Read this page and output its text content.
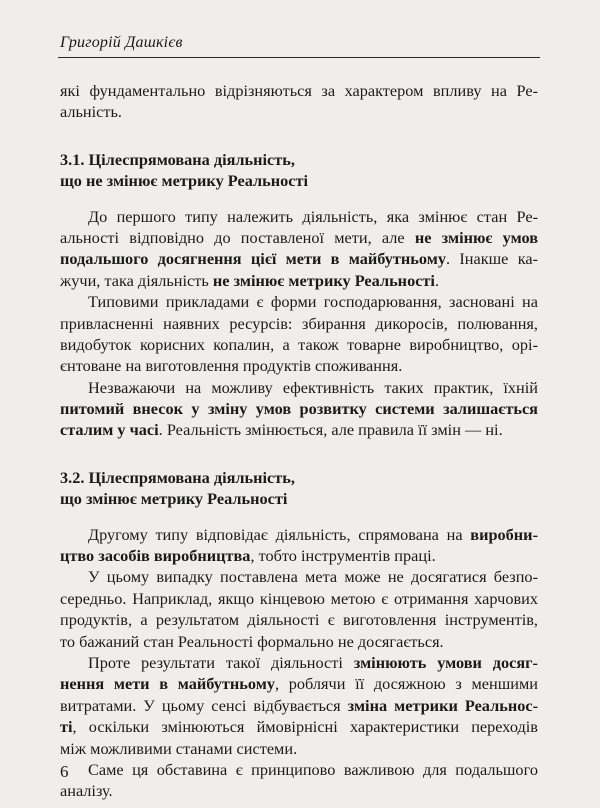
Григорій Дашкієв
які фундаментально відрізняються за характером впливу на Ре-
альність.
3.1. Цілеспрямована діяльність,
що не змінює метрику Реальності
До першого типу належить діяльність, яка змінює стан Ре-
альності відповідно до поставленої мети, але не змінює умов
подальшого досягнення цієї мети в майбутньому. Інакше ка-
жучи, така діяльність не змінює метрику Реальності.
Типовими прикладами є форми господарювання, засновані на
привласненні наявних ресурсів: збирання дикоросів, полювання,
видобуток корисних копалин, а також товарне виробництво, орі-
єнтоване на виготовлення продуктів споживання.
Незважаючи на можливу ефективність таких практик, їхній
питомий внесок у зміну умов розвитку системи залишається
сталим у часі. Реальність змінюється, але правила її змін — ні.
3.2. Цілеспрямована діяльність,
що змінює метрику Реальності
Другому типу відповідає діяльність, спрямована на виробни-
цтво засобів виробництва, тобто інструментів праці.
У цьому випадку поставлена мета може не досягатися безпо-
середньо. Наприклад, якщо кінцевою метою є отримання харчових
продуктів, а результатом діяльності є виготовлення інструментів,
то бажаний стан Реальності формально не досягається.
Проте результати такої діяльності змінюють умови досяг-
нення мети в майбутньому, роблячи її досяжною з меншими
витратами. У цьому сенсі відбувається зміна метрики Реальнос-
ті, оскільки змінюються ймовірнісні характеристики переходів
між можливими станами системи.
Саме ця обставина є принципово важливою для подальшого
аналізу.
6
